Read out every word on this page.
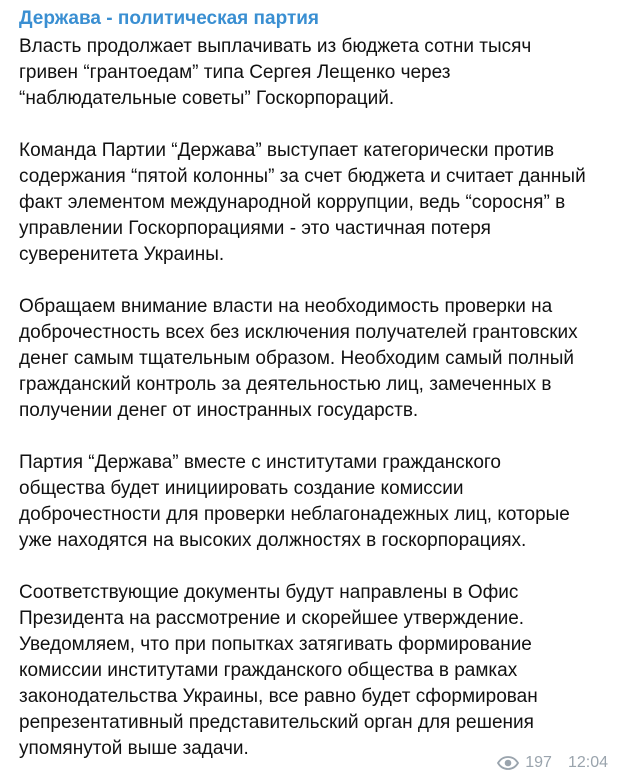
Держава - политическая партия
Власть продолжает выплачивать из бюджета сотни тысяч
гривен “грантоедам” типа Сергея Лещенко через
“наблюдательные советы” Госкорпораций.
Команда Партии “Держава” выступает категорически против
содержания “пятой колонны” за счет бюджета и считает данный
факт элементом международной коррупции, ведь “соросня” в
управлении Госкорпорациями - это частичная потеря
суверенитета Украины.
Обращаем внимание власти на необходимость проверки на
доброчестность всех без исключения получателей грантовских
денег самым тщательным образом. Необходим самый полный
гражданский контроль за деятельностью лиц, замеченных в
получении денег от иностранных государств.
Партия “Держава” вместе с институтами гражданского
общества будет инициировать создание комиссии
доброчестности для проверки неблагонадежных лиц, которые
уже находятся на высоких должностях в госкорпорациях.
Соответствующие документы будут направлены в Офис
Президента на рассмотрение и скорейшее утверждение.
Уведомляем, что при попытках затягивать формирование
комиссии институтами гражданского общества в рамках
законодательства Украины, все равно будет сформирован
репрезентативный представительский орган для решения
упомянутой выше задачи.
197 12:04
